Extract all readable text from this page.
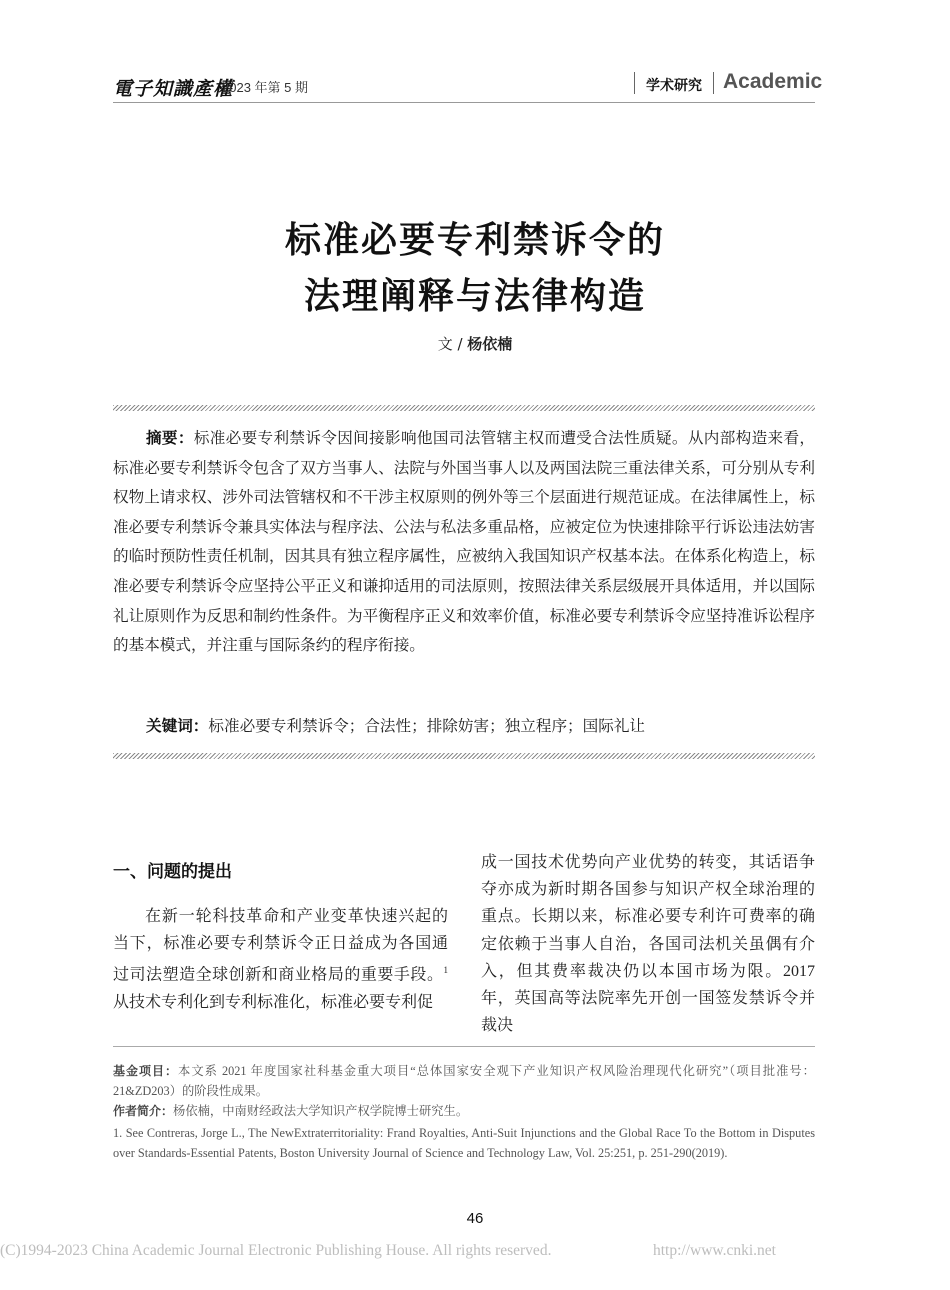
電子知識產權
2023 年第 5 期	学术研究 Academic
标准必要专利禁诉令的
法理阐释与法律构造
文 / 杨依楠

摘要：标准必要专利禁诉令因间接影响他国司法管辖主权而遭受合法性质疑。从内部构造来看，标准必要专利禁诉令包含了双方当事人、法院与外国当事人以及两国法院三重法律关系，可分别从专利权物上请求权、涉外司法管辖权和不干涉主权原则的例外等三个层面进行规范证成。在法律属性上，标准必要专利禁诉令兼具实体法与程序法、公法与私法多重品格，应被定位为快速排除平行诉讼违法妨害的临时预防性责任机制，因其具有独立程序属性，应被纳入我国知识产权基本法。在体系化构造上，标准必要专利禁诉令应坚持公平正义和谦抑适用的司法原则，按照法律关系层级展开具体适用，并以国际礼让原则作为反思和制约性条件。为平衡程序正义和效率价值，标准必要专利禁诉令应坚持准诉讼程序的基本模式，并注重与国际条约的程序衔接。

关键词：标准必要专利禁诉令；合法性；排除妨害；独立程序；国际礼让

一、问题的提出

在新一轮科技革命和产业变革快速兴起的当下，标准必要专利禁诉令正日益成为各国通过司法塑造全球创新和商业格局的重要手段。$^1$从技术专利化到专利标准化，标准必要专利促

成一国技术优势向产业优势的转变，其话语争夺亦成为新时期各国参与知识产权全球治理的重点。长期以来，标准必要专利许可费率的确定依赖于当事人自治，各国司法机关虽偶有介入，但其费率裁决仍以本国市场为限。2017 年，英国高等法院率先开创一国签发禁诉令并裁决

基金项目：本文系 2021 年度国家社科基金重大项目“总体国家安全观下产业知识产权风险治理现代化研究”（项目批准号：21&ZD203）的阶段性成果。

作者简介：杨依楠，中南财经政法大学知识产权学院博士研究生。

1. See Contreras, Jorge L., The NewExtraterritoriality: Frand Royalties, Anti-Suit Injunctions and the Global Race To the Bottom in Disputes over Standards-Essential Patents, Boston University Journal of Science and Technology Law, Vol. 25:251, p. 251-290(2019).

46
(C)1994-2023 China Academic Journal Electronic Publishing House. All rights reserved.	http://www.cnki.net
